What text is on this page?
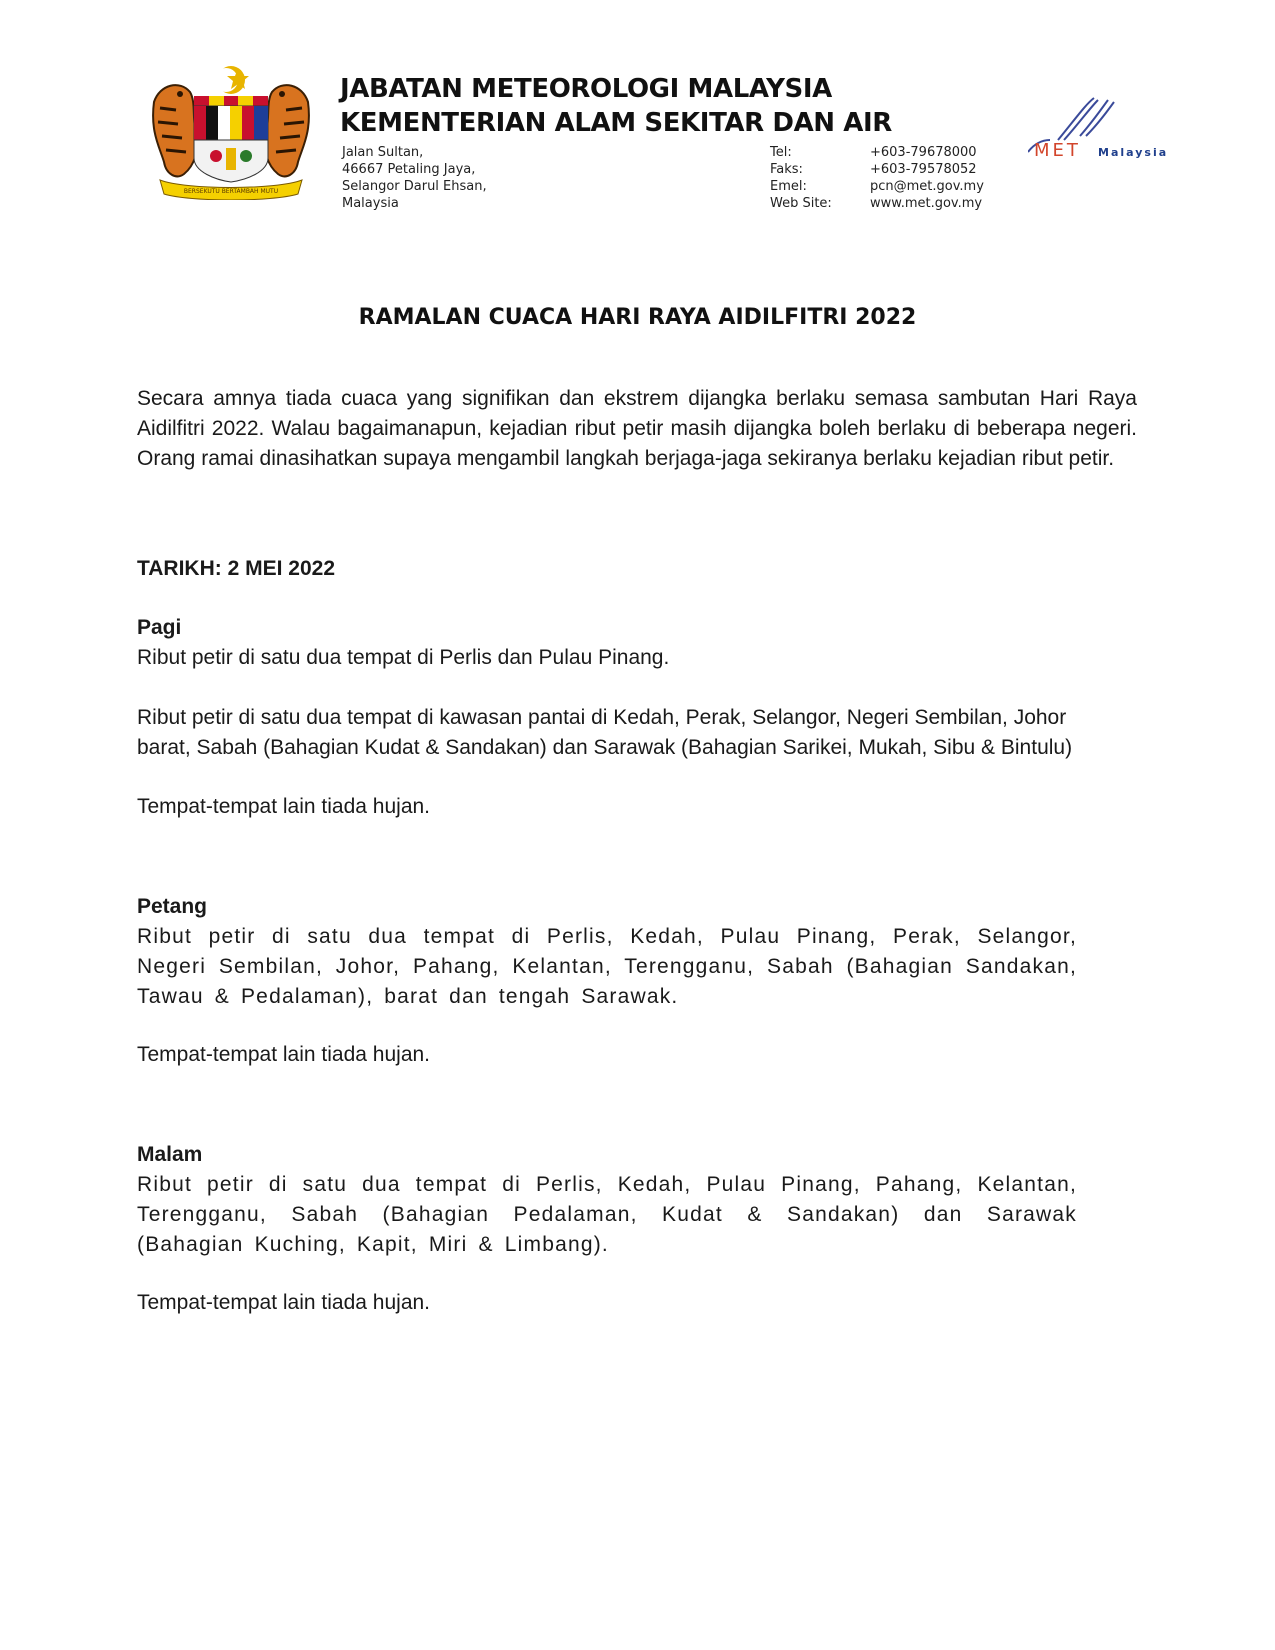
BERSEKUTU BERTAMBAH MUTU
JABATAN METEOROLOGI MALAYSIA
KEMENTERIAN ALAM SEKITAR DAN AIR
Jalan Sultan,
46667 Petaling Jaya,
Selangor Darul Ehsan,
Malaysia
Tel:	+603-79678000
Faks:	+603-79578052
Emel:	pcn@met.gov.my
Web Site:	www.met.gov.my
MET Malaysia
RAMALAN CUACA HARI RAYA AIDILFITRI 2022
Secara amnya tiada cuaca yang signifikan dan ekstrem dijangka berlaku semasa sambutan Hari Raya Aidilfitri 2022. Walau bagaimanapun, kejadian ribut petir masih dijangka boleh berlaku di beberapa negeri. Orang ramai dinasihatkan supaya mengambil langkah berjaga-jaga sekiranya berlaku kejadian ribut petir.
TARIKH: 2 MEI 2022
Pagi
Ribut petir di satu dua tempat di Perlis dan Pulau Pinang.
Ribut petir di satu dua tempat di kawasan pantai di Kedah, Perak, Selangor, Negeri Sembilan, Johor
barat, Sabah (Bahagian Kudat & Sandakan) dan Sarawak (Bahagian Sarikei, Mukah, Sibu & Bintulu)
Tempat-tempat lain tiada hujan.
Petang
Ribut petir di satu dua tempat di Perlis, Kedah, Pulau Pinang, Perak, Selangor, Negeri Sembilan, Johor, Pahang, Kelantan, Terengganu, Sabah (Bahagian Sandakan, Tawau & Pedalaman), barat dan tengah Sarawak.
Tempat-tempat lain tiada hujan.
Malam
Ribut petir di satu dua tempat di Perlis, Kedah, Pulau Pinang, Pahang, Kelantan, Terengganu, Sabah (Bahagian Pedalaman, Kudat & Sandakan) dan Sarawak (Bahagian Kuching, Kapit, Miri & Limbang).
Tempat-tempat lain tiada hujan.
